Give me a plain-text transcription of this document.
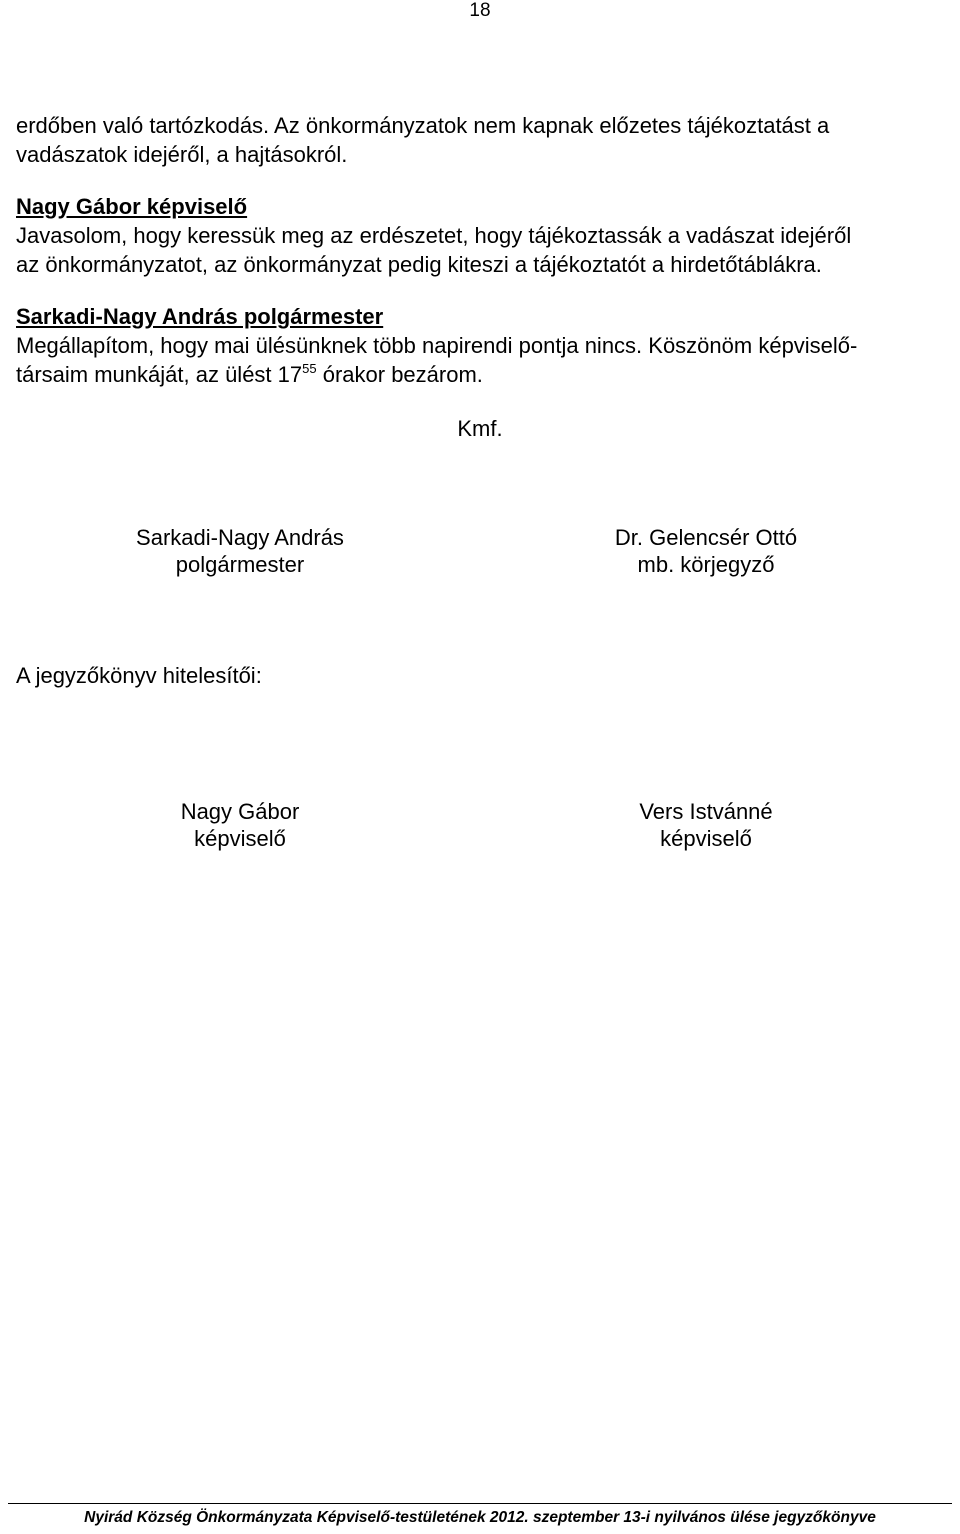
18
erdőben való tartózkodás. Az önkormányzatok nem kapnak előzetes tájékoztatást a
vadászatok idejéről, a hajtásokról.
Nagy Gábor képviselő
Javasolom, hogy keressük meg az erdészetet, hogy tájékoztassák a vadászat idejéről
az önkormányzatot, az önkormányzat pedig kiteszi a tájékoztatót a hirdetőtáblákra.
Sarkadi-Nagy András polgármester
Megállapítom, hogy mai ülésünknek több napirendi pontja nincs. Köszönöm képviselő-
társaim munkáját, az ülést $17^{55}$ órakor bezárom.
Kmf.
Sarkadi-Nagy András
polgármester
Dr. Gelencsér Ottó
mb. körjegyző
A jegyzőkönyv hitelesítői:
Nagy Gábor
képviselő
Vers Istvánné
képviselő
Nyirád Község Önkormányzata Képviselő-testületének 2012. szeptember 13-i nyilvános ülése jegyzőkönyve
